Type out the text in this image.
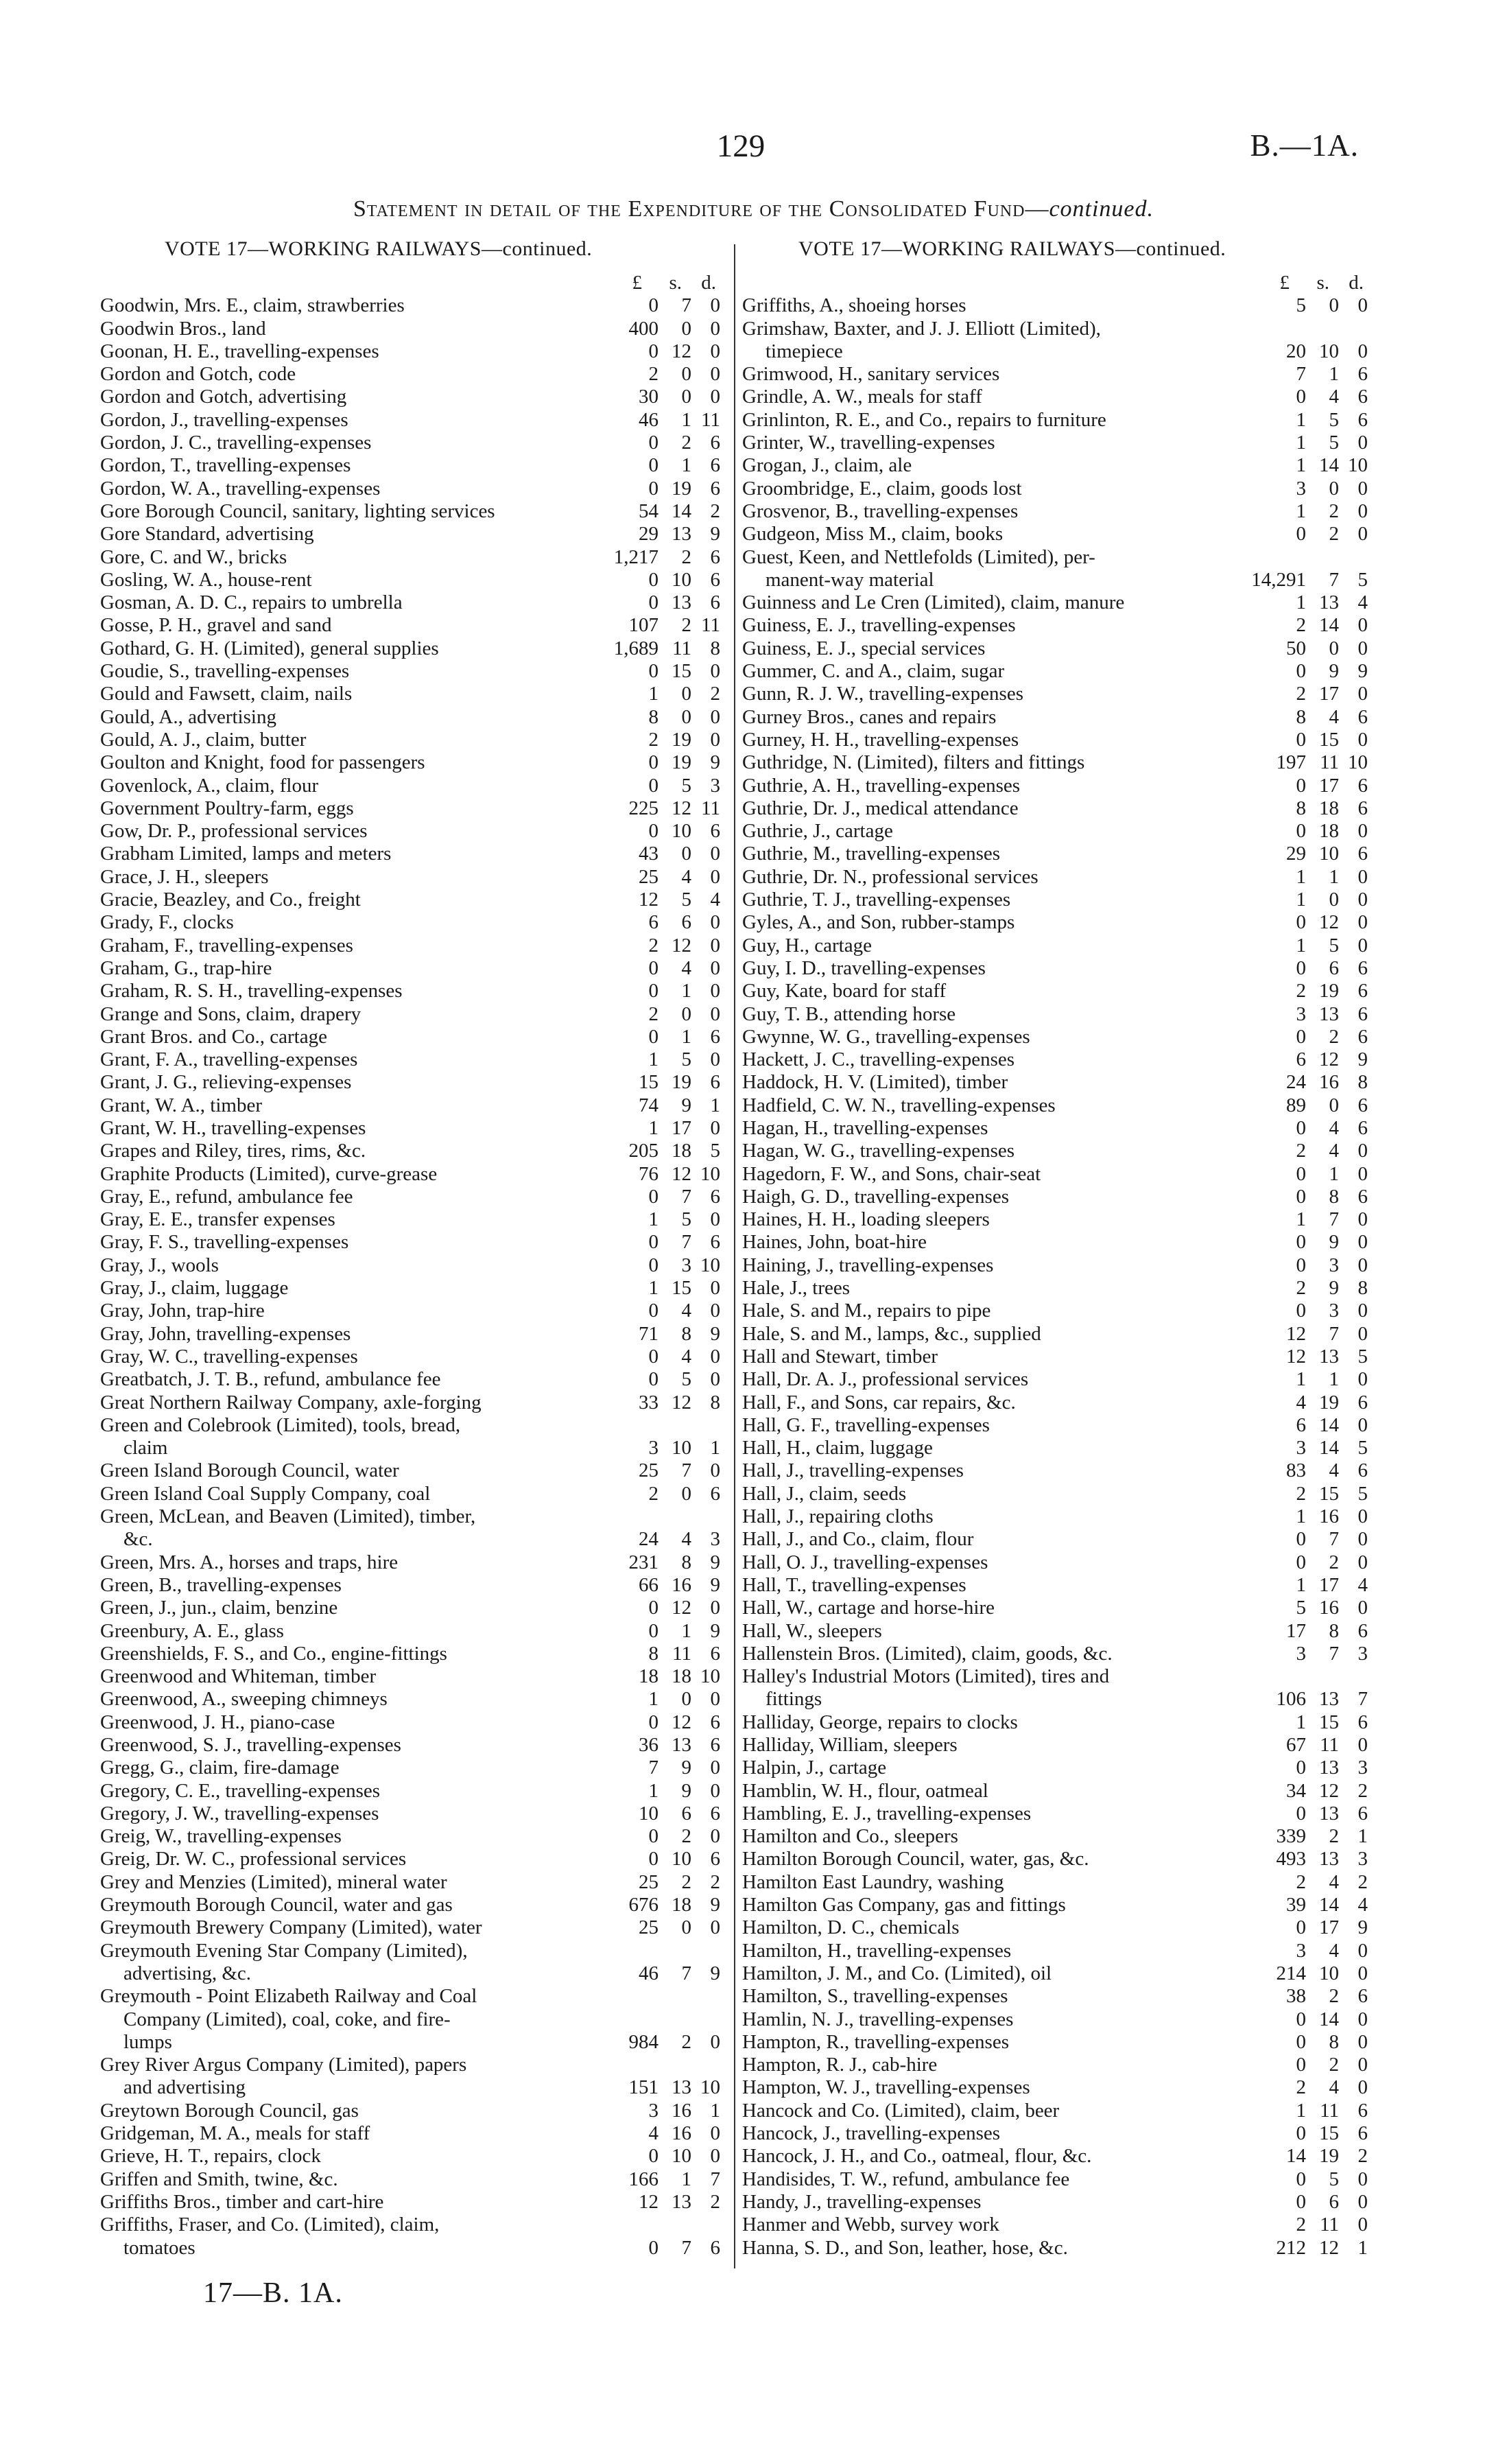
129	B.—1A.
Statement in detail of the Expenditure of the Consolidated Fund—continued.
VOTE 17—WORKING RAILWAYS—continued.	VOTE 17—WORKING RAILWAYS—continued.
£ s. d.
Goodwin, Mrs. E., claim, strawberries	0	7 0
Goodwin Bros., land	400	0 0
Goonan, H. E., travelling-expenses	0 12 0
Gordon and Gotch, code	2	0 0
Gordon and Gotch, advertising	30	0 0
Gordon, J., travelling-expenses	46	1 11
Gordon, J. C., travelling-expenses	0	2 6
Gordon, T., travelling-expenses	0	1 6
Gordon, W. A., travelling-expenses	0 19 6
Gore Borough Council, sanitary, lighting services	54 14 2
Gore Standard, advertising	29 13 9
Gore, C. and W., bricks	1,217	2 6
Gosling, W. A., house-rent	0 10 6
Gosman, A. D. C., repairs to umbrella	0 13 6
Gosse, P. H., gravel and sand	107	2 11
Gothard, G. H. (Limited), general supplies	1,689 11 8
Goudie, S., travelling-expenses	0 15 0
Gould and Fawsett, claim, nails	1	0 2
Gould, A., advertising	8	0 0
Gould, A. J., claim, butter	2 19 0
Goulton and Knight, food for passengers	0 19 9
Govenlock, A., claim, flour	0	5 3
Government Poultry-farm, eggs	225 12 11
Gow, Dr. P., professional services	0 10 6
Grabham Limited, lamps and meters	43	0 0
Grace, J. H., sleepers	25	4 0
Gracie, Beazley, and Co., freight	12	5 4
Grady, F., clocks	6	6 0
Graham, F., travelling-expenses	2 12 0
Graham, G., trap-hire	0	4 0
Graham, R. S. H., travelling-expenses	0	1 0
Grange and Sons, claim, drapery	2	0 0
Grant Bros. and Co., cartage	0	1 6
Grant, F. A., travelling-expenses	1	5 0
Grant, J. G., relieving-expenses	15 19 6
Grant, W. A., timber	74	9 1
Grant, W. H., travelling-expenses	1 17 0
Grapes and Riley, tires, rims, &c.	205 18 5
Graphite Products (Limited), curve-grease	76 12 10
Gray, E., refund, ambulance fee	0	7 6
Gray, E. E., transfer expenses	1	5 0
Gray, F. S., travelling-expenses	0	7 6
Gray, J., wools	0	3 10
Gray, J., claim, luggage	1 15 0
Gray, John, trap-hire	0	4 0
Gray, John, travelling-expenses	71	8 9
Gray, W. C., travelling-expenses	0	4 0
Greatbatch, J. T. B., refund, ambulance fee	0	5 0
Great Northern Railway Company, axle-forging	33 12 8
Green and Colebrook (Limited), tools, bread,
claim	3 10 1
Green Island Borough Council, water	25	7 0
Green Island Coal Supply Company, coal	2	0 6
Green, McLean, and Beaven (Limited), timber,
&c.	24	4 3
Green, Mrs. A., horses and traps, hire	231	8 9
Green, B., travelling-expenses	66 16 9
Green, J., jun., claim, benzine	0 12 0
Greenbury, A. E., glass	0	1 9
Greenshields, F. S., and Co., engine-fittings	8 11 6
Greenwood and Whiteman, timber	18 18 10
Greenwood, A., sweeping chimneys	1	0 0
Greenwood, J. H., piano-case	0 12 6
Greenwood, S. J., travelling-expenses	36 13 6
Gregg, G., claim, fire-damage	7	9 0
Gregory, C. E., travelling-expenses	1	9 0
Gregory, J. W., travelling-expenses	10	6 6
Greig, W., travelling-expenses	0	2 0
Greig, Dr. W. C., professional services	0 10 6
Grey and Menzies (Limited), mineral water	25	2 2
Greymouth Borough Council, water and gas	676 18 9
Greymouth Brewery Company (Limited), water	25	0 0
Greymouth Evening Star Company (Limited),
advertising, &c.	46	7 9
Greymouth - Point Elizabeth Railway and Coal
Company (Limited), coal, coke, and fire-
lumps	984	2 0
Grey River Argus Company (Limited), papers
and advertising	151 13 10
Greytown Borough Council, gas	3 16 1
Gridgeman, M. A., meals for staff	4 16 0
Grieve, H. T., repairs, clock	0 10 0
Griffen and Smith, twine, &c.	166	1 7
Griffiths Bros., timber and cart-hire	12 13 2
Griffiths, Fraser, and Co. (Limited), claim,
tomatoes	0	7 6
£ s. d.
Griffiths, A., shoeing horses	5	0 0
Grimshaw, Baxter, and J. J. Elliott (Limited),
timepiece	20 10 0
Grimwood, H., sanitary services	7	1 6
Grindle, A. W., meals for staff	0	4 6
Grinlinton, R. E., and Co., repairs to furniture	1	5 6
Grinter, W., travelling-expenses	1	5 0
Grogan, J., claim, ale	1 14 10
Groombridge, E., claim, goods lost	3	0 0
Grosvenor, B., travelling-expenses	1	2 0
Gudgeon, Miss M., claim, books	0	2 0
Guest, Keen, and Nettlefolds (Limited), per-
manent-way material	14,291	7 5
Guinness and Le Cren (Limited), claim, manure	1 13 4
Guiness, E. J., travelling-expenses	2 14 0
Guiness, E. J., special services	50	0 0
Gummer, C. and A., claim, sugar	0	9 9
Gunn, R. J. W., travelling-expenses	2 17 0
Gurney Bros., canes and repairs	8	4 6
Gurney, H. H., travelling-expenses	0 15 0
Guthridge, N. (Limited), filters and fittings	197 11 10
Guthrie, A. H., travelling-expenses	0 17 6
Guthrie, Dr. J., medical attendance	8 18 6
Guthrie, J., cartage	0 18 0
Guthrie, M., travelling-expenses	29 10 6
Guthrie, Dr. N., professional services	1	1 0
Guthrie, T. J., travelling-expenses	1	0 0
Gyles, A., and Son, rubber-stamps	0 12 0
Guy, H., cartage	1	5 0
Guy, I. D., travelling-expenses	0	6 6
Guy, Kate, board for staff	2 19 6
Guy, T. B., attending horse	3 13 6
Gwynne, W. G., travelling-expenses	0	2 6
Hackett, J. C., travelling-expenses	6 12 9
Haddock, H. V. (Limited), timber	24 16 8
Hadfield, C. W. N., travelling-expenses	89	0 6
Hagan, H., travelling-expenses	0	4 6
Hagan, W. G., travelling-expenses	2	4 0
Hagedorn, F. W., and Sons, chair-seat	0	1 0
Haigh, G. D., travelling-expenses	0	8 6
Haines, H. H., loading sleepers	1	7 0
Haines, John, boat-hire	0	9 0
Haining, J., travelling-expenses	0	3 0
Hale, J., trees	2	9 8
Hale, S. and M., repairs to pipe	0	3 0
Hale, S. and M., lamps, &c., supplied	12	7 0
Hall and Stewart, timber	12 13 5
Hall, Dr. A. J., professional services	1	1 0
Hall, F., and Sons, car repairs, &c.	4 19 6
Hall, G. F., travelling-expenses	6 14 0
Hall, H., claim, luggage	3 14 5
Hall, J., travelling-expenses	83	4 6
Hall, J., claim, seeds	2 15 5
Hall, J., repairing cloths	1 16 0
Hall, J., and Co., claim, flour	0	7 0
Hall, O. J., travelling-expenses	0	2 0
Hall, T., travelling-expenses	1 17 4
Hall, W., cartage and horse-hire	5 16 0
Hall, W., sleepers	17	8 6
Hallenstein Bros. (Limited), claim, goods, &c.	3	7 3
Halley's Industrial Motors (Limited), tires and
fittings	106 13 7
Halliday, George, repairs to clocks	1 15 6
Halliday, William, sleepers	67 11 0
Halpin, J., cartage	0 13 3
Hamblin, W. H., flour, oatmeal	34 12 2
Hambling, E. J., travelling-expenses	0 13 6
Hamilton and Co., sleepers	339	2 1
Hamilton Borough Council, water, gas, &c.	493 13 3
Hamilton East Laundry, washing	2	4 2
Hamilton Gas Company, gas and fittings	39 14 4
Hamilton, D. C., chemicals	0 17 9
Hamilton, H., travelling-expenses	3	4 0
Hamilton, J. M., and Co. (Limited), oil	214 10 0
Hamilton, S., travelling-expenses	38	2 6
Hamlin, N. J., travelling-expenses	0 14 0
Hampton, R., travelling-expenses	0	8 0
Hampton, R. J., cab-hire	0	2 0
Hampton, W. J., travelling-expenses	2	4 0
Hancock and Co. (Limited), claim, beer	1 11 6
Hancock, J., travelling-expenses	0 15 6
Hancock, J. H., and Co., oatmeal, flour, &c.	14 19 2
Handisides, T. W., refund, ambulance fee	0	5 0
Handy, J., travelling-expenses	0	6 0
Hanmer and Webb, survey work	2 11 0
Hanna, S. D., and Son, leather, hose, &c.	212 12 1
17—B. 1A.
